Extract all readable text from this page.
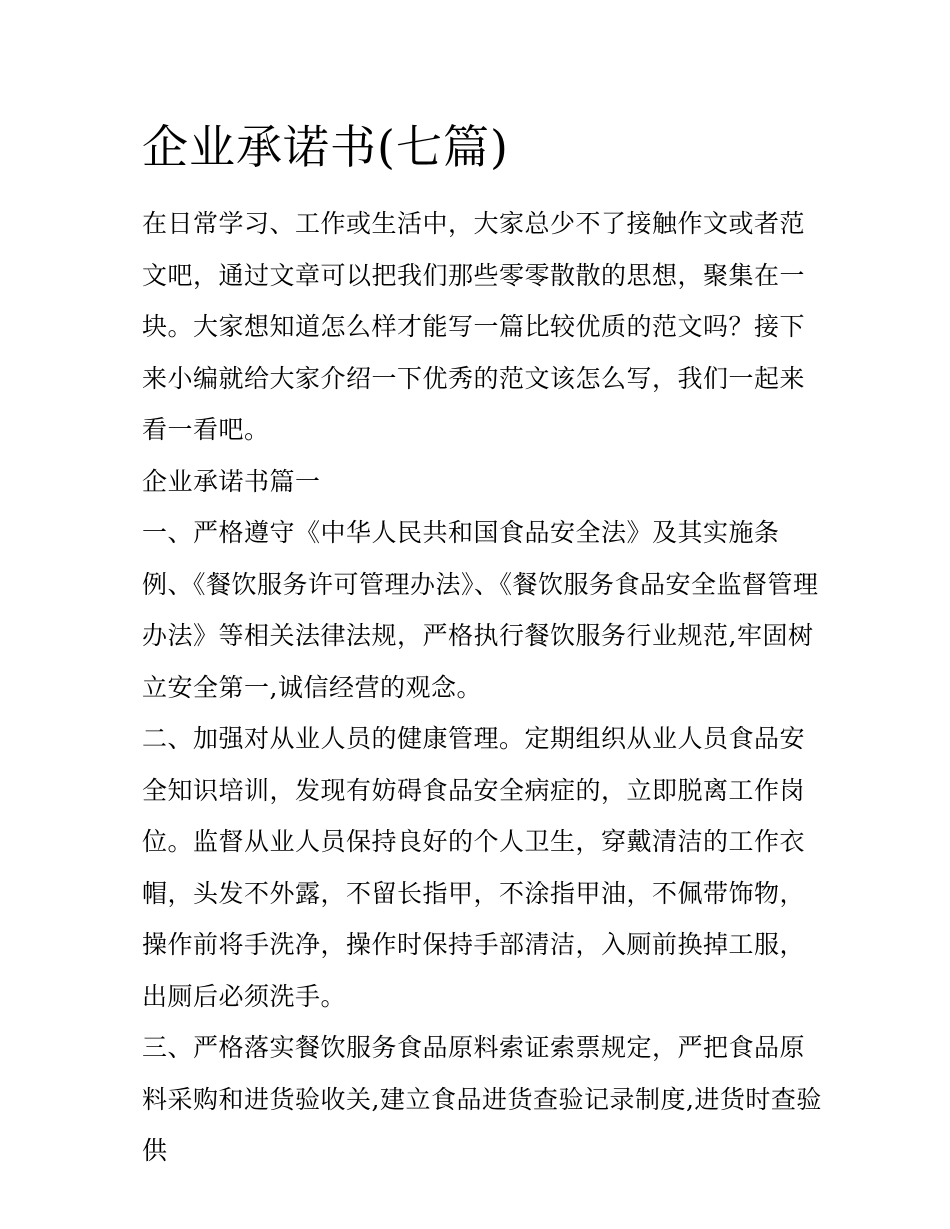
企业承诺书(七篇)

在日常学习、工作或生活中，大家总少不了接触作文或者范文吧，通过文章可以把我们那些零零散散的思想，聚集在一块。大家想知道怎么样才能写一篇比较优质的范文吗？接下来小编就给大家介绍一下优秀的范文该怎么写，我们一起来看一看吧。

企业承诺书篇一

一、严格遵守《中华人民共和国食品安全法》及其实施条例、《餐饮服务许可管理办法》、《餐饮服务食品安全监督管理办法》等相关法律法规，严格执行餐饮服务行业规范,牢固树立安全第一,诚信经营的观念。

二、加强对从业人员的健康管理。定期组织从业人员食品安全知识培训，发现有妨碍食品安全病症的，立即脱离工作岗位。监督从业人员保持良好的个人卫生，穿戴清洁的工作衣帽，头发不外露，不留长指甲，不涂指甲油，不佩带饰物，操作前将手洗净，操作时保持手部清洁，入厕前换掉工服，出厕后必须洗手。

三、严格落实餐饮服务食品原料索证索票规定，严把食品原料采购和进货验收关,建立食品进货查验记录制度,进货时查验供
